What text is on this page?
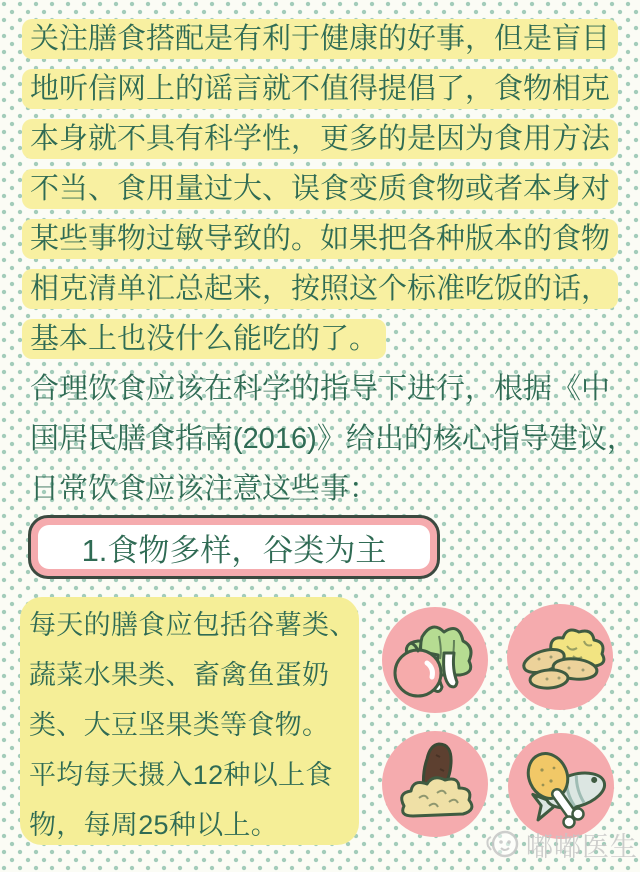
关注膳食搭配是有利于健康的好事，但是盲目
地听信网上的谣言就不值得提倡了，食物相克
本身就不具有科学性，更多的是因为食用方法
不当、食用量过大、误食变质食物或者本身对
某些事物过敏导致的。如果把各种版本的食物
相克清单汇总起来，按照这个标准吃饭的话，
基本上也没什么能吃的了。
合理饮食应该在科学的指导下进行，根据《中
国居民膳食指南(2016)》给出的核心指导建议，
日常饮食应该注意这些事：
1.食物多样，谷类为主
每天的膳食应包括谷薯类、
蔬菜水果类、畜禽鱼蛋奶
类、大豆坚果类等食物。
平均每天摄入12种以上食
物，每周25种以上。
嘟嘟医生
